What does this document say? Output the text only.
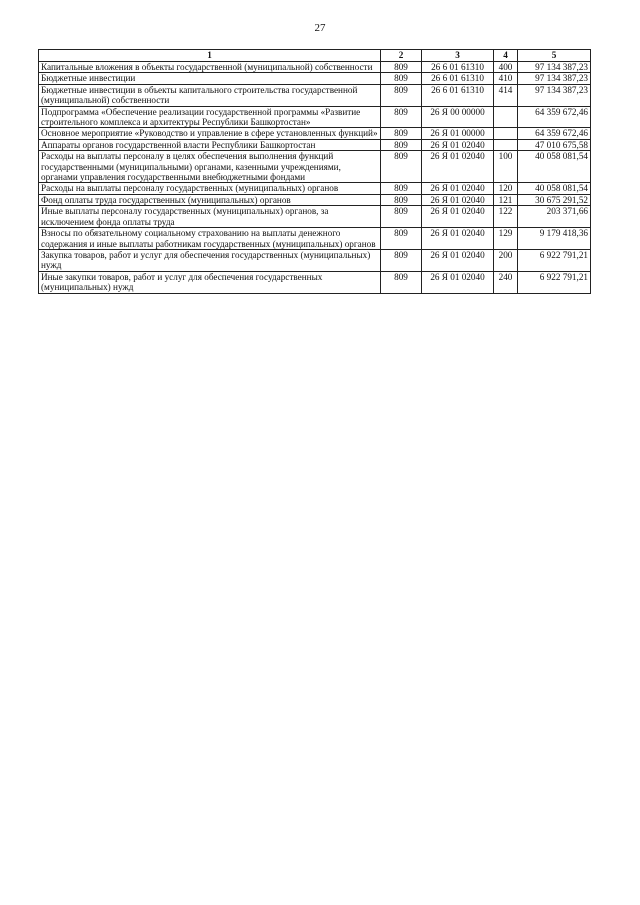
27
1	2	3	4	5
Капитальные вложения в объекты государственной (муниципальной) собственности	809	26 6 01 61310	400	97 134 387,23
Бюджетные инвестиции	809	26 6 01 61310	410	97 134 387,23
Бюджетные инвестиции в объекты капитального строительства государственной (муниципальной) собственности	809	26 6 01 61310	414	97 134 387,23
Подпрограмма «Обеспечение реализации государственной программы «Развитие строительного комплекса и архитектуры Республики Башкортостан»	809	26 Я 00 00000		64 359 672,46
Основное мероприятие «Руководство и управление в сфере установленных функций»	809	26 Я 01 00000		64 359 672,46
Аппараты органов государственной власти Республики Башкортостан	809	26 Я 01 02040		47 010 675,58
Расходы на выплаты персоналу в целях обеспечения выполнения функций государственными (муниципальными) органами, казенными учреждениями, органами управления государственными внебюджетными фондами	809	26 Я 01 02040	100	40 058 081,54
Расходы на выплаты персоналу государственных (муниципальных) органов	809	26 Я 01 02040	120	40 058 081,54
Фонд оплаты труда государственных (муниципальных) органов	809	26 Я 01 02040	121	30 675 291,52
Иные выплаты персоналу государственных (муниципальных) органов, за исключением фонда оплаты труда	809	26 Я 01 02040	122	203 371,66
Взносы по обязательному социальному страхованию на выплаты денежного содержания и иные выплаты работникам государственных (муниципальных) органов	809	26 Я 01 02040	129	9 179 418,36
Закупка товаров, работ и услуг для обеспечения государственных (муниципальных) нужд	809	26 Я 01 02040	200	6 922 791,21
Иные закупки товаров, работ и услуг для обеспечения государственных (муниципальных) нужд	809	26 Я 01 02040	240	6 922 791,21
